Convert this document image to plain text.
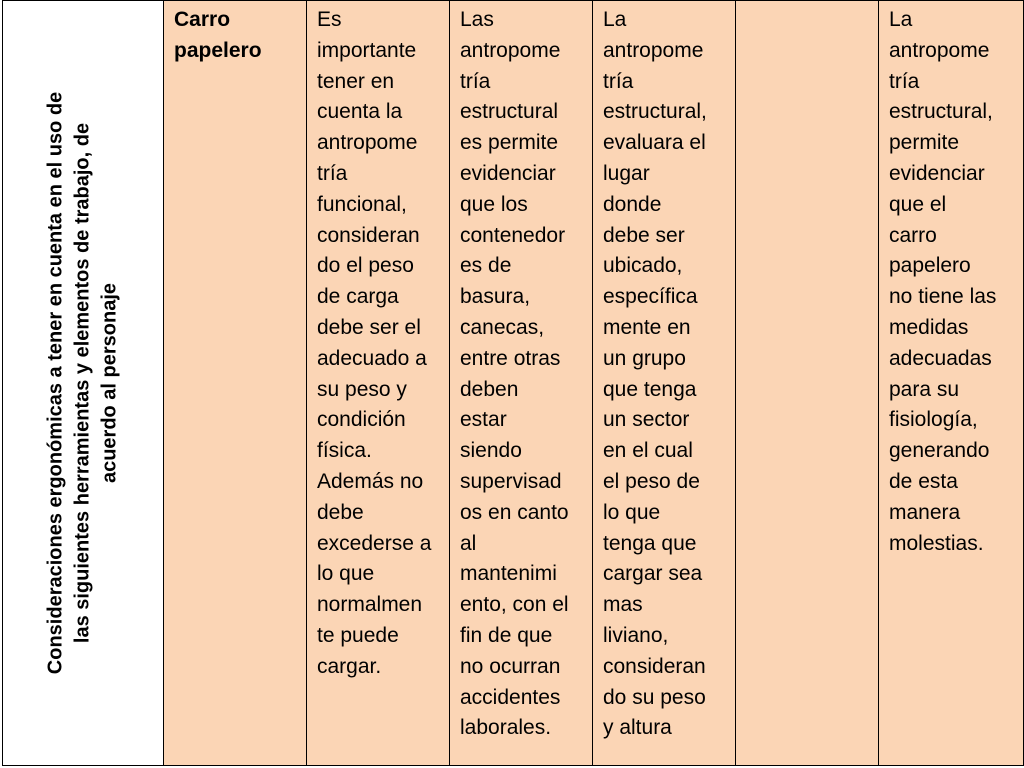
Consideraciones ergonómicas a tener en cuenta en el uso de las siguientes herramientas y elementos de trabajo, de acuerdo al personaje

	Carro
papelero	Es
importante
tener en
cuenta la
antropome
tría
funcional,
consideran
do el peso
de carga
debe ser el
adecuado a
su peso y
condición
física.
Además no
debe
excederse a
lo que
normalmen
te puede
cargar.	Las
antropome
tría
estructural
es permite
evidenciar
que los
contenedor
es de
basura,
canecas,
entre otras
deben
estar
siendo
supervisad
os en canto
al
mantenimi
ento, con el
fin de que
no ocurran
accidentes
laborales.	La
antropome
tría
estructural,
evaluara el
lugar
donde
debe ser
ubicado,
específica
mente en
un grupo
que tenga
un sector
en el cual
el peso de
lo que
tenga que
cargar sea
mas
liviano,
consideran
do su peso
y altura		La
antropome
tría
estructural,
permite
evidenciar
que el
carro
papelero
no tiene las
medidas
adecuadas
para su
fisiología,
generando
de esta
manera
molestias.
